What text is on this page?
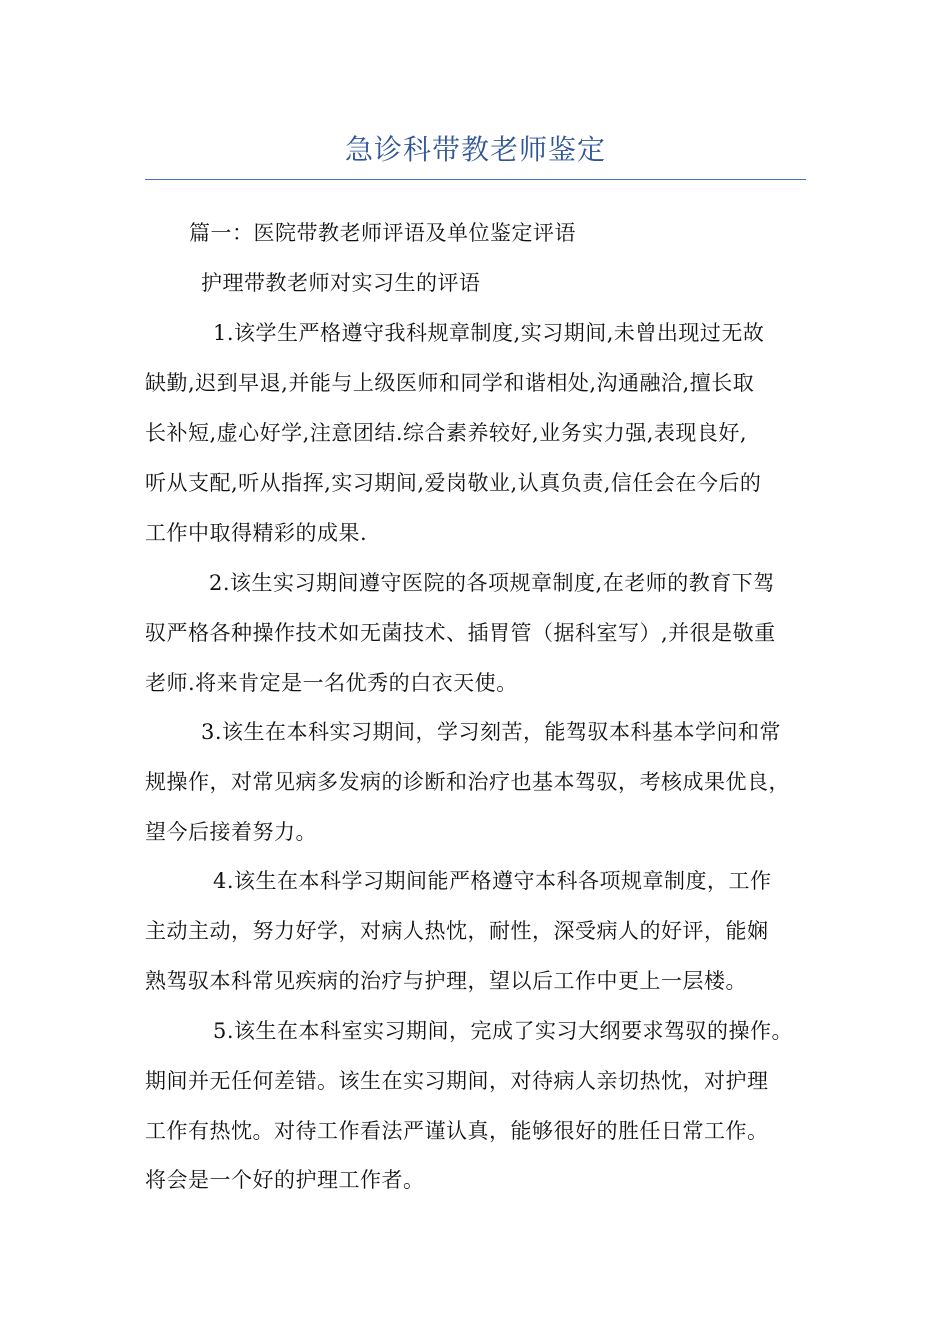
急诊科带教老师鉴定
篇一：医院带教老师评语及单位鉴定评语
护理带教老师对实习生的评语
1.该学生严格遵守我科规章制度,实习期间,未曾出现过无故
缺勤,迟到早退,并能与上级医师和同学和谐相处,沟通融洽,擅长取
长补短,虚心好学,注意团结.综合素养较好,业务实力强,表现良好,
听从支配,听从指挥,实习期间,爱岗敬业,认真负责,信任会在今后的
工作中取得精彩的成果.
2.该生实习期间遵守医院的各项规章制度,在老师的教育下驾
驭严格各种操作技术如无菌技术、插胃管（据科室写）,并很是敬重
老师.将来肯定是一名优秀的白衣天使。
3.该生在本科实习期间，学习刻苦，能驾驭本科基本学问和常
规操作，对常见病多发病的诊断和治疗也基本驾驭，考核成果优良，
望今后接着努力。
4.该生在本科学习期间能严格遵守本科各项规章制度，工作
主动主动，努力好学，对病人热忱，耐性，深受病人的好评，能娴
熟驾驭本科常见疾病的治疗与护理，望以后工作中更上一层楼。
5.该生在本科室实习期间，完成了实习大纲要求驾驭的操作。
期间并无任何差错。该生在实习期间，对待病人亲切热忱，对护理
工作有热忱。对待工作看法严谨认真，能够很好的胜任日常工作。
将会是一个好的护理工作者。
